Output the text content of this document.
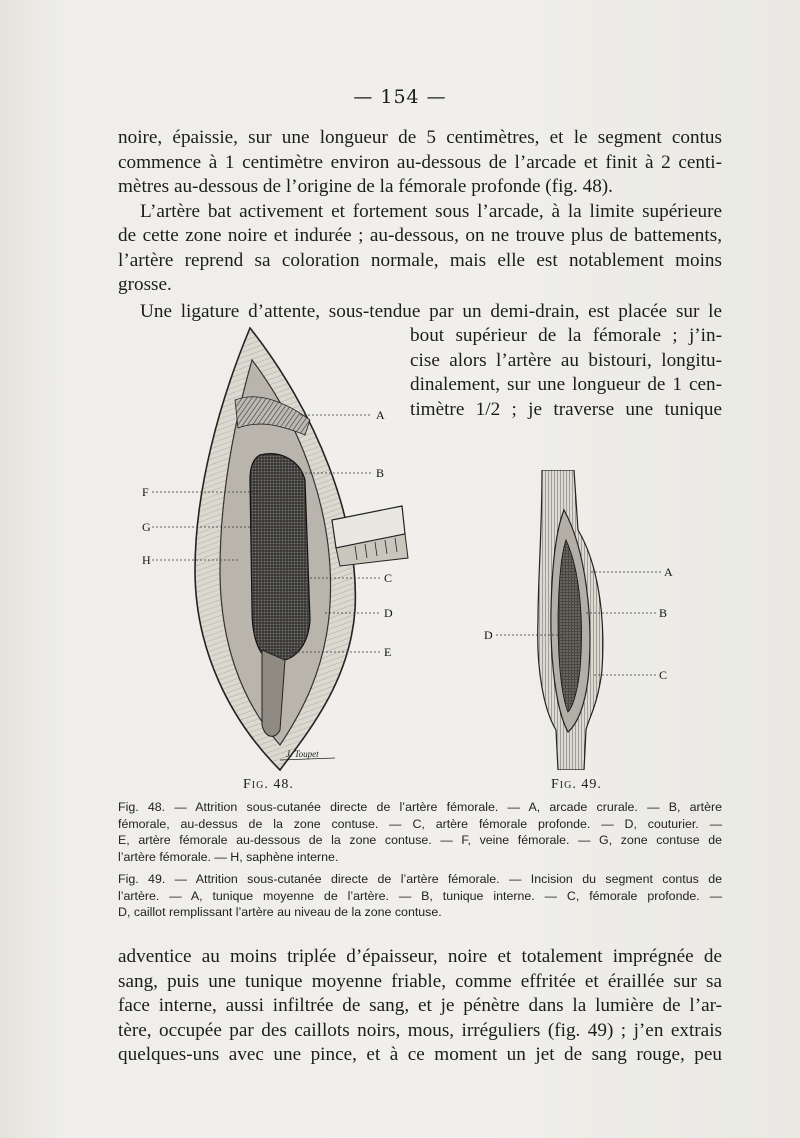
— 154 —
noire, épaissie, sur une longueur de 5 centimètres, et le segment contus
commence à 1 centimètre environ au-dessous de l’arcade et finit à 2 centi-
mètres au-dessous de l’origine de la fémorale profonde (fig. 48).
L’artère bat activement et fortement sous l’arcade, à la limite supérieure
de cette zone noire et indurée ; au-dessous, on ne trouve plus de battements,
l’artère reprend sa coloration normale, mais elle est notablement moins
grosse.
Une ligature d’attente, sous-tendue par un demi-drain, est placée sur le
bout supérieur de la fémorale ; j’in-
cise alors l’artère au bistouri, longitu-
dinalement, sur une longueur de 1 cen-
timètre 1/2 ; je traverse une tunique
A
B
C
D
E
F
G
H
J. Toupet
Fig. 48.
A
B
C
D
Fig. 49.
Fig. 48. — Attrition sous-cutanée directe de l’artère fémorale. — A, arcade crurale. — B, artère
fémorale, au-dessus de la zone contuse. — C, artère fémorale profonde. — D, couturier. —
E, artère fémorale au-dessous de la zone contuse. — F, veine fémorale. — G, zone contuse de
l’artère fémorale. — H, saphène interne.
Fig. 49. — Attrition sous-cutanée directe de l’artère fémorale. — Incision du segment contus de
l’artère. — A, tunique moyenne de l’artère. — B, tunique interne. — C, fémorale profonde. —
D, caillot remplissant l’artère au niveau de la zone contuse.
adventice au moins triplée d’épaisseur, noire et totalement imprégnée de
sang, puis une tunique moyenne friable, comme effritée et éraillée sur sa
face interne, aussi infiltrée de sang, et je pénètre dans la lumière de l’ar-
tère, occupée par des caillots noirs, mous, irréguliers (fig. 49) ; j’en extrais
quelques-uns avec une pince, et à ce moment un jet de sang rouge, peu
